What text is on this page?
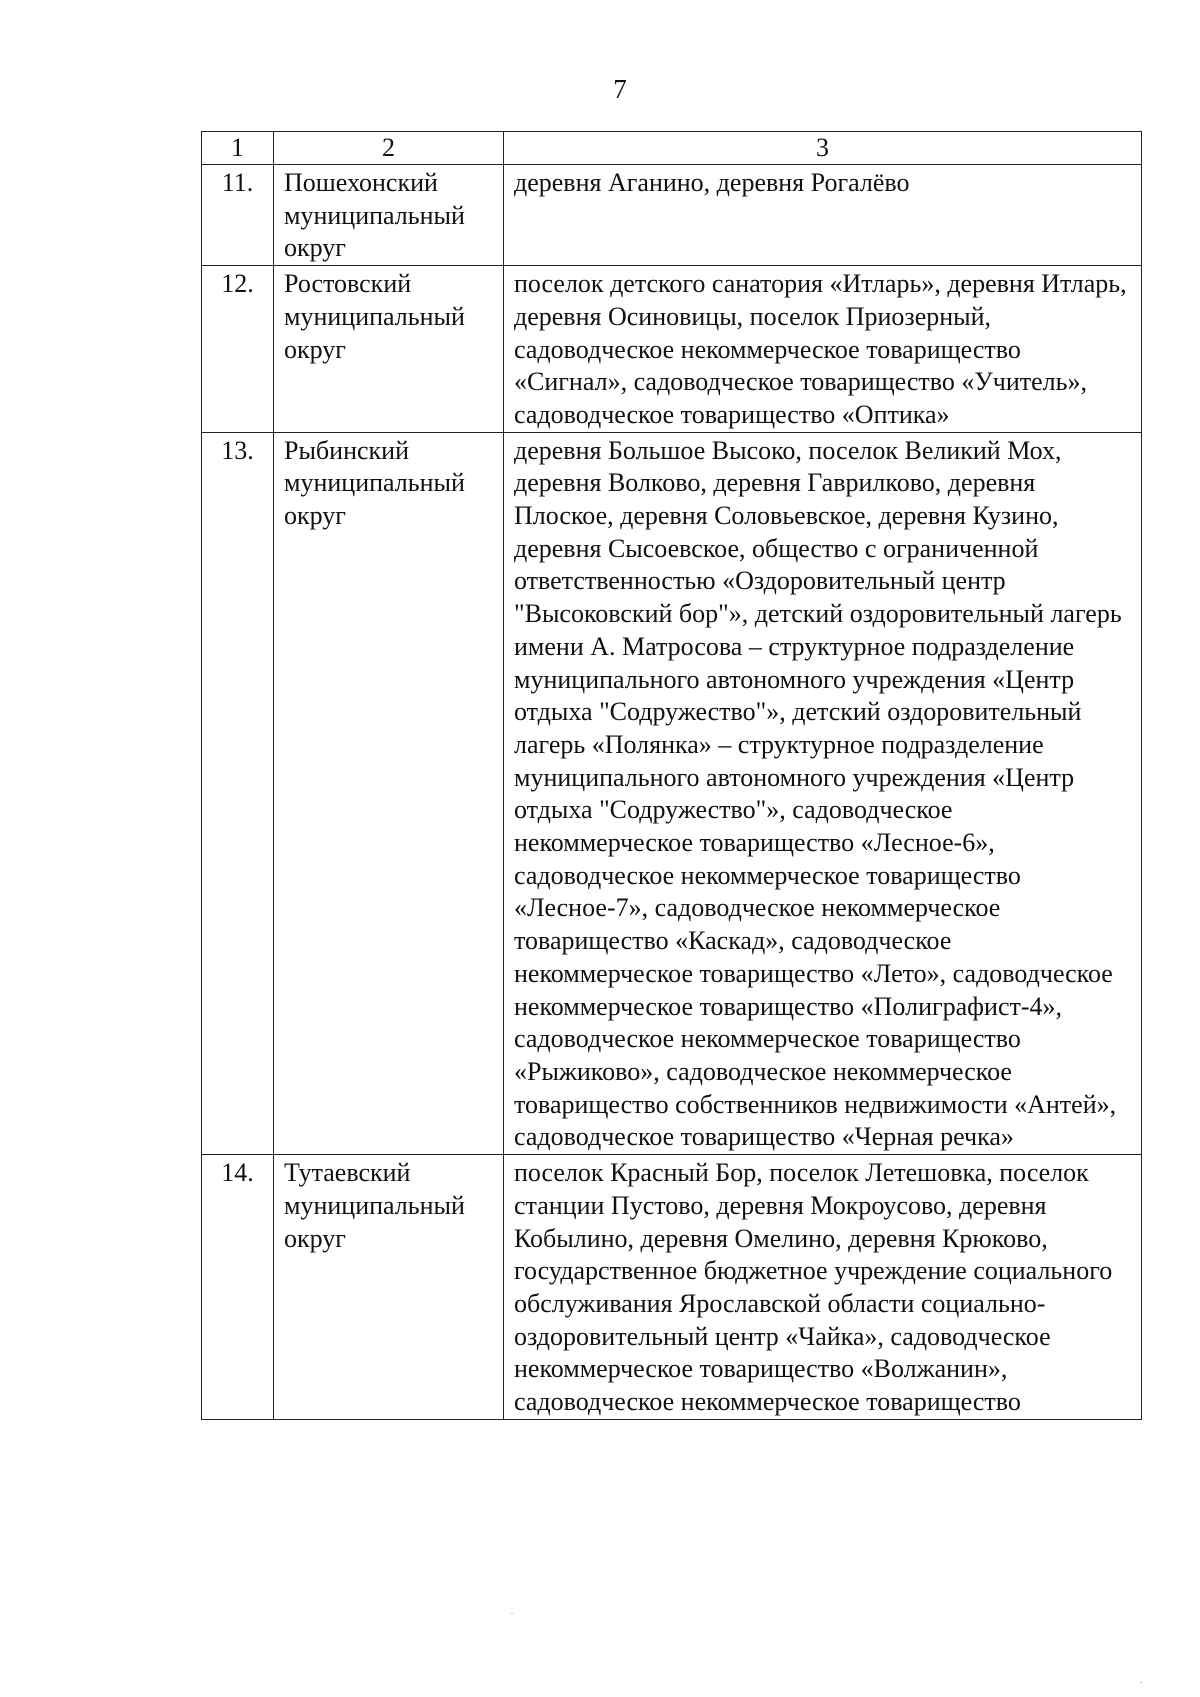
7
1	2	3
11.	Пошехонский муниципальный округ	деревня Аганино, деревня Рогалёво
12.	Ростовский муниципальный округ	поселок детского санатория «Итларь», деревня Итларь, деревня Осиновицы, поселок Приозерный, садоводческое некоммерческое товарищество «Сигнал», садоводческое товарищество «Учитель», садоводческое товарищество «Оптика»
13.	Рыбинский муниципальный округ	деревня Большое Высоко, поселок Великий Мох, деревня Волково, деревня Гаврилково, деревня Плоское, деревня Соловьевское, деревня Кузино, деревня Сысоевское, общество с ограниченной ответственностью «Оздоровительный центр "Высоковский бор"», детский оздоровительный лагерь имени А. Матросова – структурное подразделение муниципального автономного учреждения «Центр отдыха "Содружество"», детский оздоровительный лагерь «Полянка» – структурное подразделение муниципального автономного учреждения «Центр отдыха "Содружество"», садоводческое некоммерческое товарищество «Лесное-6», садоводческое некоммерческое товарищество «Лесное-7», садоводческое некоммерческое товарищество «Каскад», садоводческое некоммерческое товарищество «Лето», садоводческое некоммерческое товарищество «Полиграфист-4», садоводческое некоммерческое товарищество «Рыжиково», садоводческое некоммерческое товарищество собственников недвижимости «Антей», садоводческое товарищество «Черная речка»
14.	Тутаевский муниципальный округ	поселок Красный Бор, поселок Летешовка, поселок станции Пустово, деревня Мокроусово, деревня Кобылино, деревня Омелино, деревня Крюково, государственное бюджетное учреждение социального обслуживания Ярославской области социально-оздоровительный центр «Чайка», садоводческое некоммерческое товарищество «Волжанин», садоводческое некоммерческое товарищество
